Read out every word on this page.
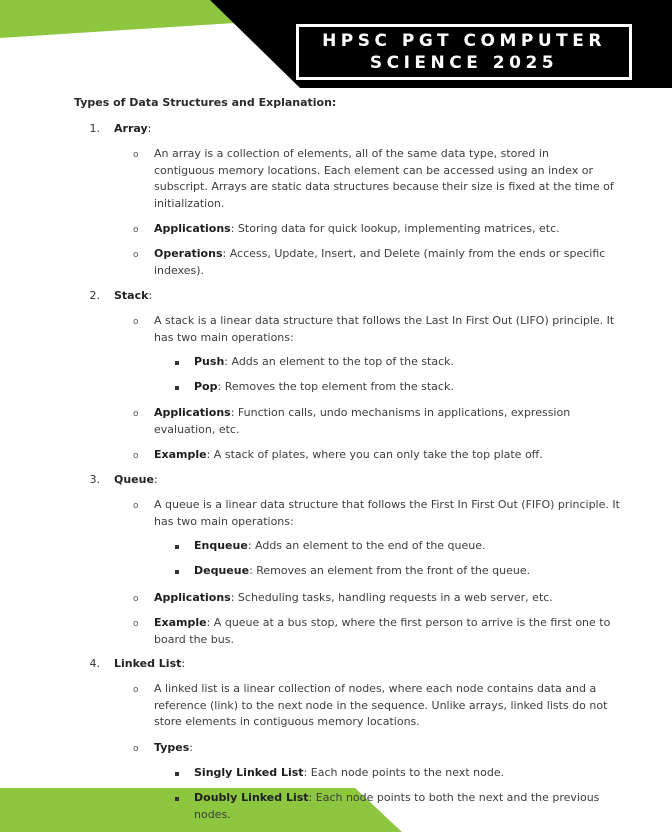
HPSC PGT COMPUTER
SCIENCE 2025
Types of Data Structures and Explanation:
1. Array:
o An array is a collection of elements, all of the same data type, stored in
contiguous memory locations. Each element can be accessed using an index or
subscript. Arrays are static data structures because their size is fixed at the time of
initialization.
o Applications: Storing data for quick lookup, implementing matrices, etc.
o Operations: Access, Update, Insert, and Delete (mainly from the ends or specific
indexes).
2. Stack:
o A stack is a linear data structure that follows the Last In First Out (LIFO) principle. It
has two main operations:
Push: Adds an element to the top of the stack.
Pop: Removes the top element from the stack.
o Applications: Function calls, undo mechanisms in applications, expression
evaluation, etc.
o Example: A stack of plates, where you can only take the top plate off.
3. Queue:
o A queue is a linear data structure that follows the First In First Out (FIFO) principle. It
has two main operations:
Enqueue: Adds an element to the end of the queue.
Dequeue: Removes an element from the front of the queue.
o Applications: Scheduling tasks, handling requests in a web server, etc.
o Example: A queue at a bus stop, where the first person to arrive is the first one to
board the bus.
4. Linked List:
o A linked list is a linear collection of nodes, where each node contains data and a
reference (link) to the next node in the sequence. Unlike arrays, linked lists do not
store elements in contiguous memory locations.
o Types:
Singly Linked List: Each node points to the next node.
Doubly Linked List: Each node points to both the next and the previous
nodes.
